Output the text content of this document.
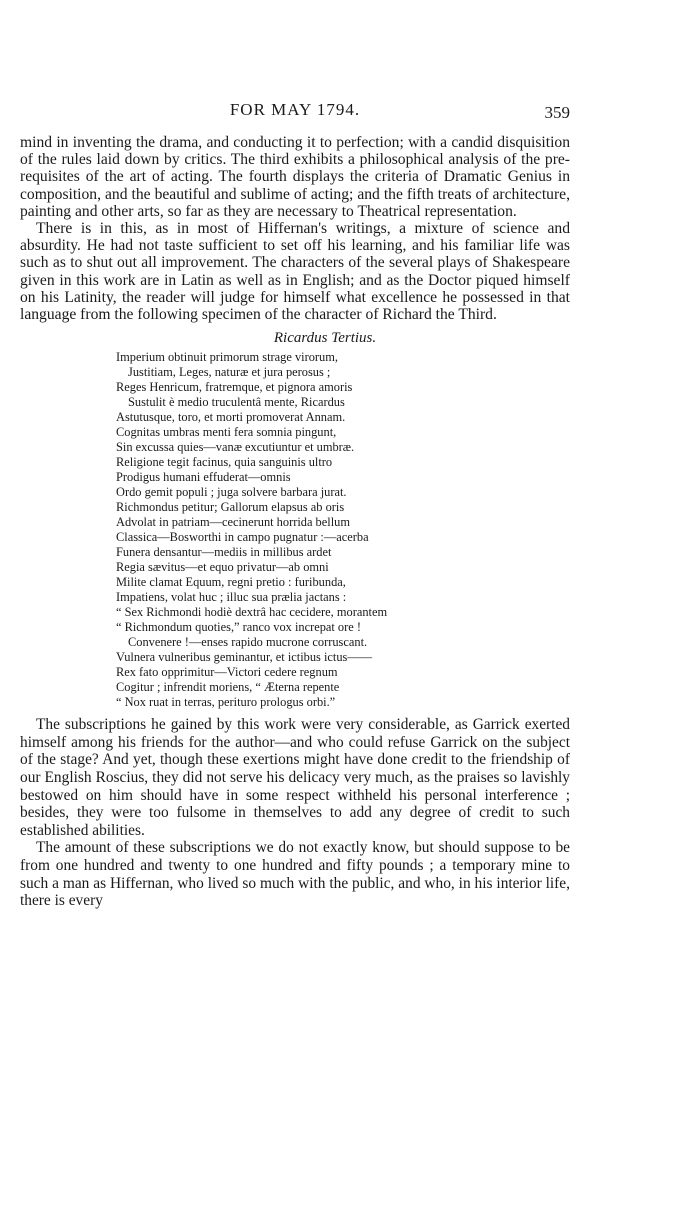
FOR MAY 1794.	359

mind in inventing the drama, and conducting it to perfection; with a candid disquisition of the rules laid down by critics. The third exhibits a philosophical analysis of the pre-requisites of the art of acting. The fourth displays the criteria of Dramatic Genius in composition, and the beautiful and sublime of acting; and the fifth treats of architecture, painting and other arts, so far as they are necessary to Theatrical representation.

There is in this, as in most of Hiffernan's writings, a mixture of science and absurdity. He had not taste sufficient to set off his learning, and his familiar life was such as to shut out all improvement. The characters of the several plays of Shakespeare given in this work are in Latin as well as in English; and as the Doctor piqued himself on his Latinity, the reader will judge for himself what excellence he possessed in that language from the following specimen of the character of Richard the Third.

Ricardus Tertius.
Imperium obtinuit primorum strage virorum,
Justitiam, Leges, naturæ et jura perosus ;
Reges Henricum, fratremque, et pignora amoris
Sustulit è medio truculentâ mente, Ricardus
Astutusque, toro, et morti promoverat Annam.
Cognitas umbras menti fera somnia pingunt,
Sin excussa quies—vanæ excutiuntur et umbræ.
Religione tegit facinus, quia sanguinis ultro
Prodigus humani effuderat—omnis
Ordo gemit populi ; juga solvere barbara jurat.
Richmondus petitur; Gallorum elapsus ab oris
Advolat in patriam—cecinerunt horrida bellum
Classica—Bosworthi in campo pugnatur :—acerba
Funera densantur—mediis in millibus ardet
Regia sævitus—et equo privatur—ab omni
Milite clamat Equum, regni pretio : furibunda,
Impatiens, volat huc ; illuc sua prælia jactans :
“ Sex Richmondi hodiè dextrâ hac cecidere, morantem
“ Richmondum quoties,” ranco vox increpat ore !
Convenere !—enses rapido mucrone corruscant.
Vulnera vulneribus geminantur, et ictibus ictus——
Rex fato opprimitur—Victori cedere regnum
Cogitur ; infrendit moriens, “ Æterna repente
“ Nox ruat in terras, perituro prologus orbi.”

The subscriptions he gained by this work were very considerable, as Garrick exerted himself among his friends for the author—and who could refuse Garrick on the subject of the stage? And yet, though these exertions might have done credit to the friendship of our English Roscius, they did not serve his delicacy very much, as the praises so lavishly bestowed on him should have in some respect withheld his personal interference ; besides, they were too fulsome in themselves to add any degree of credit to such established abilities.

The amount of these subscriptions we do not exactly know, but should suppose to be from one hundred and twenty to one hundred and fifty pounds ; a temporary mine to such a man as Hiffernan, who lived so much with the public, and who, in his interior life, there is every
